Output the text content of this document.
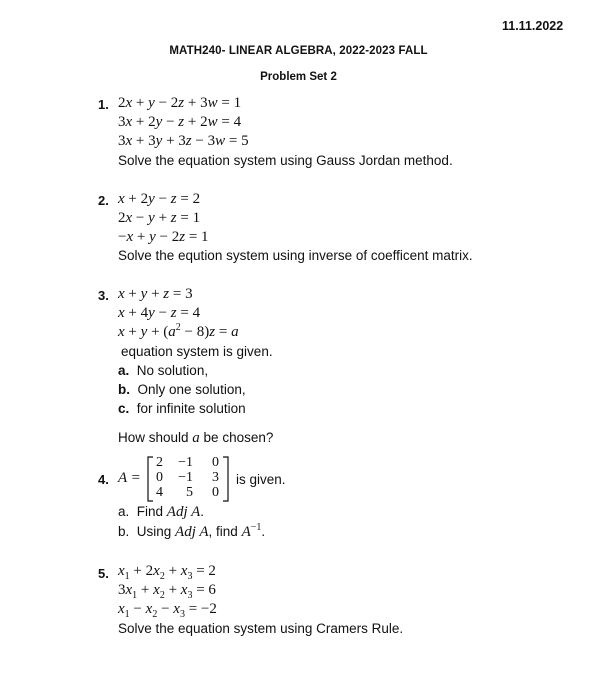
11.11.2022
MATH240- LINEAR ALGEBRA, 2022-2023 FALL
Problem Set 2
1. 2x + y − 2z + 3w = 1
3x + 2y − z + 2w = 4
3x + 3y + 3z − 3w = 5
Solve the equation system using Gauss Jordan method.
2. x + 2y − z = 2
2x − y + z = 1
−x + y − 2z = 1
Solve the eqution system using inverse of coefficent matrix.
3. x + y + z = 3
x + 4y − z = 4
$x + y + (a^2 - 8)z = a$
equation system is given.
a. No solution,
b. Only one solution,
c. for infinite solution
How should a be chosen?
4. A =
2	−1	0
0	−1	3
4	5	0
is given.
a. Find Adj A.
b. Using Adj A, find $A^{-1}$.
5. $x_1 + 2x_2 + x_3 = 2$
$3x_1 + x_2 + x_3 = 6$
$x_1 - x_2 - x_3 = -2$
Solve the equation system using Cramers Rule.
